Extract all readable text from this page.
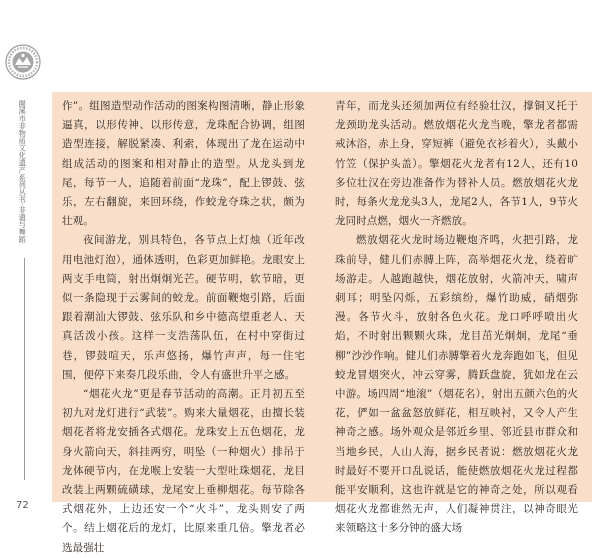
閬溪市非物质文化遗产系列丛书·非遗与舞蹈
72

作”。组图造型动作活动的图案构图清晰，静止形象逼真，以形传神、以形传意，龙珠配合协调，组图造型连接，解脱紧凑、利索，体现出了龙在运动中组成活动的图案和相对静止的造型。从龙头到龙尾，每节一人，追随着前面“龙珠”，配上锣鼓、弦乐，左右翻旋，来回环绕，作蛟龙夺珠之状，颇为壮观。

夜间游龙，别具特色，各节点上灯烛（近年改用电池灯泡），通体透明，色彩更加鲜艳。龙眼安上两支手电筒，射出炯炯光芒。硬节明，软节暗，更似一条隐现于云雾间的蛟龙。前面鞭炮引路，后面跟着潮汕大锣鼓、弦乐队和乡中德高望重老人、天真活泼小孩。这样一支浩荡队伍，在村中穿街过巷，锣鼓喧天，乐声悠扬，爆竹声声，每一住宅围，便停下来奏几段乐曲，令人有盛世升平之感。

“烟花火龙”更是春节活动的高潮。正月初五至初九对龙灯进行“武装”。购来大量烟花，由擅长装烟花者将龙安插各式烟花。龙珠安上五色烟花，龙身火箭向天，斜挂两穷，明坠（一种烟火）排吊于龙体硬节内，在龙喉上安装一大型吐珠烟花，龙目改装上两颗硫磺球，龙尾安上垂柳烟花。每节除各式烟花外，上边还安一个“火斗”，龙头则安了两个。结上烟花后的龙灯，比原来重几倍。擎龙者必选最强壮

青年，而龙头还须加两位有经验壮汉，撑铜叉托于龙颈助龙头活动。燃放烟花火龙当晚，擎龙者都需戒沐浴，赤上身，穿短裤（避免衣衫着火），头戴小竹笠（保护头盖）。擎烟花火龙者有12人，还有10多位壮汉在旁边准备作为替补人员。燃放烟花火龙时，每条火龙龙头3人，龙尾2人，各节1人，9节火龙同时点燃，烟火一齐燃放。

燃放烟花火龙时场边鞭炮齐鸣，火把引路，龙珠前导，健儿们赤膊上阵，高举烟花火龙，绕着旷场游走。人越跑越快，烟花放射，火箭冲天，啸声刺耳；明坠闪烁，五彩缤纷，爆竹助威，硝烟弥漫。各节火斗，放射各色火花。龙口呼呼喷出火焰，不时射出颗颗火珠，龙目茁光炯炯，龙尾“垂柳”沙沙作响。健儿们赤膊擎着火龙奔跑如飞，但见蛟龙冒烟突火，冲云穿雾，腾跃盘旋，犹如龙在云中游。场四周“地滚”（烟花名），射出五颜六色的火花，俨如一盆盆怒放鲜花，相互映衬，又令人产生神奇之感。场外观众是邻近乡里、邻近县市群众和当地乡民，人山人海，据乡民者说：燃放烟花火龙时最好不要开口乱说话，能使燃放烟花火龙过程都能平安顺利，这也许就是它的神奇之处，所以观看烟花火龙都谁然无声，人们凝神贯注，以神奇眼光来领略这十多分钟的盛大场
